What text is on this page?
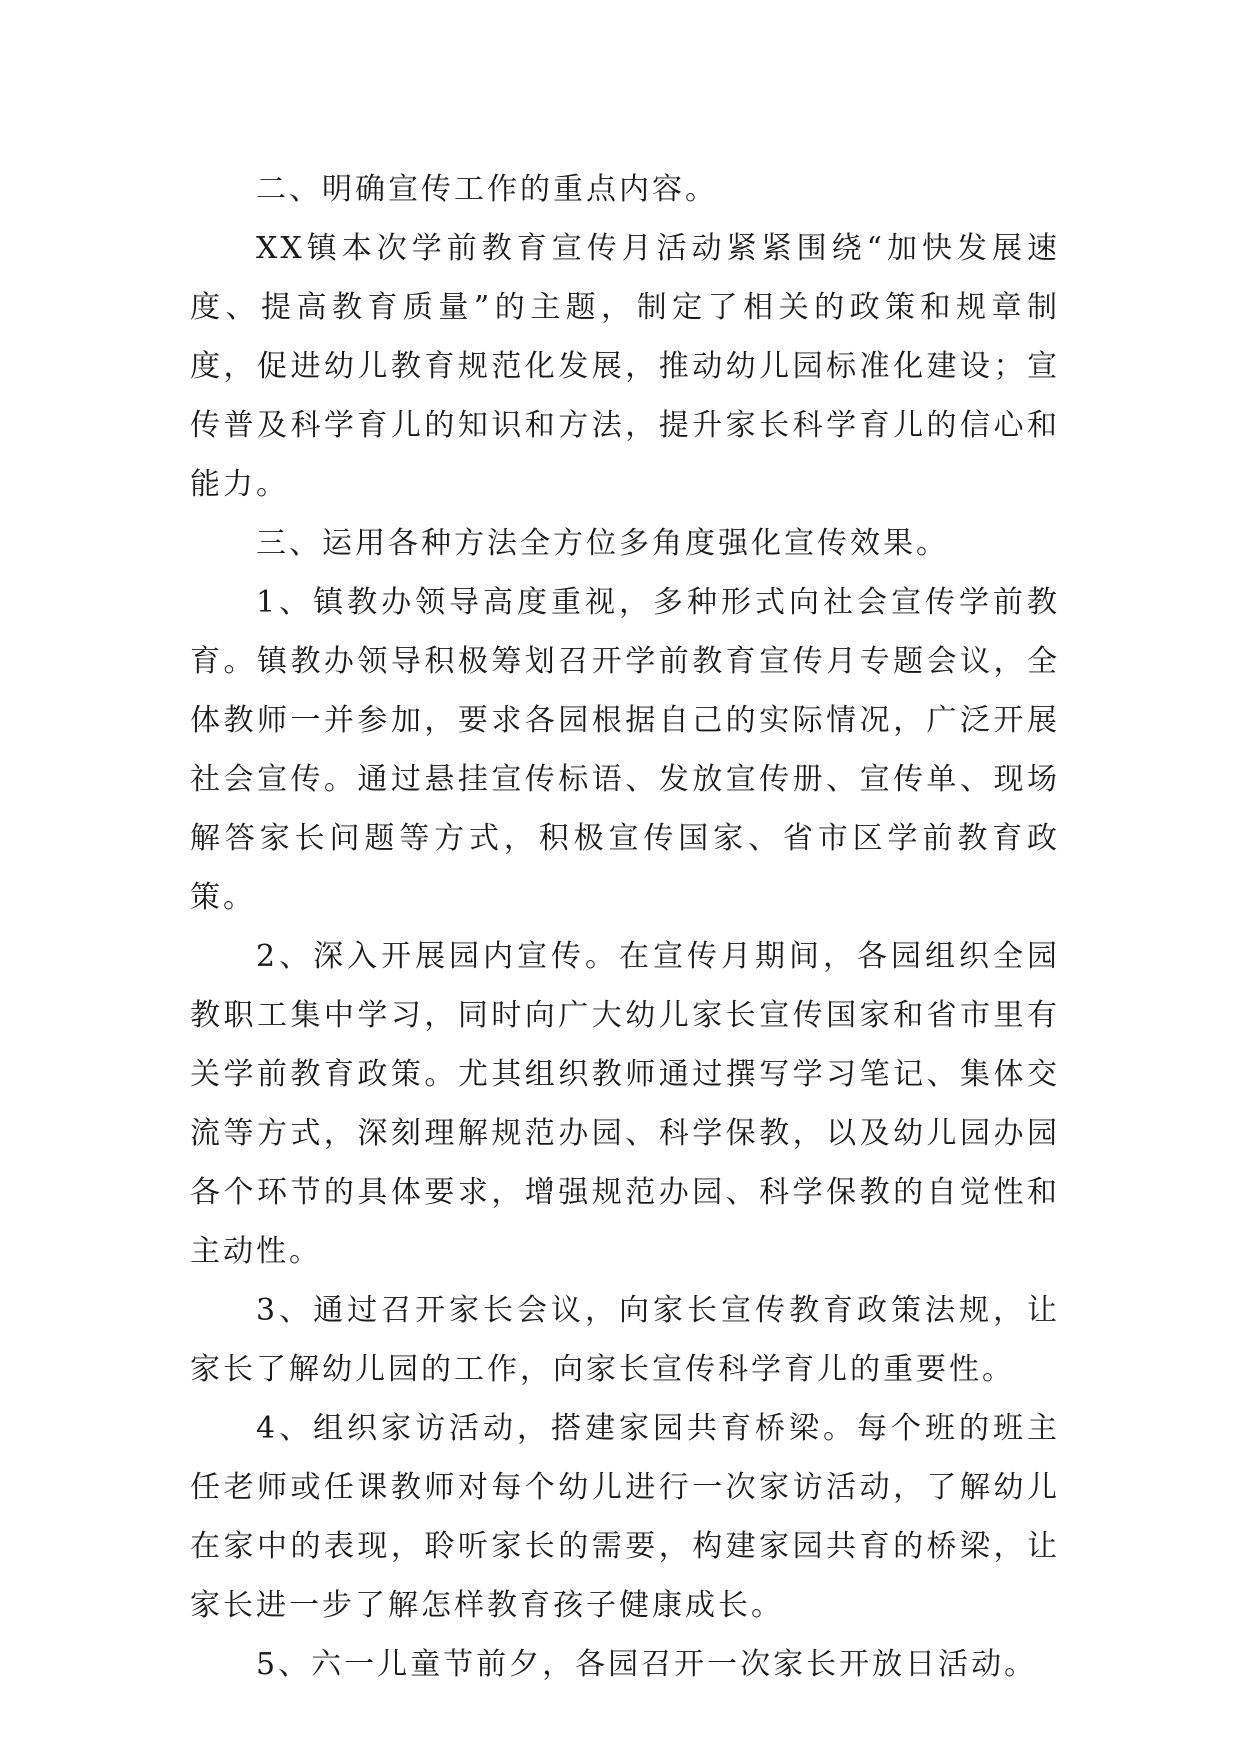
二、明确宣传工作的重点内容。

XX镇本次学前教育宣传月活动紧紧围绕“加快发展速度、提高教育质量”的主题，制定了相关的政策和规章制度，促进幼儿教育规范化发展，推动幼儿园标准化建设；宣传普及科学育儿的知识和方法，提升家长科学育儿的信心和能力。

三、运用各种方法全方位多角度强化宣传效果。

1、镇教办领导高度重视，多种形式向社会宣传学前教育。镇教办领导积极筹划召开学前教育宣传月专题会议，全体教师一并参加，要求各园根据自己的实际情况，广泛开展社会宣传。通过悬挂宣传标语、发放宣传册、宣传单、现场解答家长问题等方式，积极宣传国家、省市区学前教育政策。

2、深入开展园内宣传。在宣传月期间，各园组织全园教职工集中学习，同时向广大幼儿家长宣传国家和省市里有关学前教育政策。尤其组织教师通过撰写学习笔记、集体交流等方式，深刻理解规范办园、科学保教，以及幼儿园办园各个环节的具体要求，增强规范办园、科学保教的自觉性和主动性。

3、通过召开家长会议，向家长宣传教育政策法规，让家长了解幼儿园的工作，向家长宣传科学育儿的重要性。

4、组织家访活动，搭建家园共育桥梁。每个班的班主任老师或任课教师对每个幼儿进行一次家访活动，了解幼儿在家中的表现，聆听家长的需要，构建家园共育的桥梁，让家长进一步了解怎样教育孩子健康成长。

5、六一儿童节前夕，各园召开一次家长开放日活动。
